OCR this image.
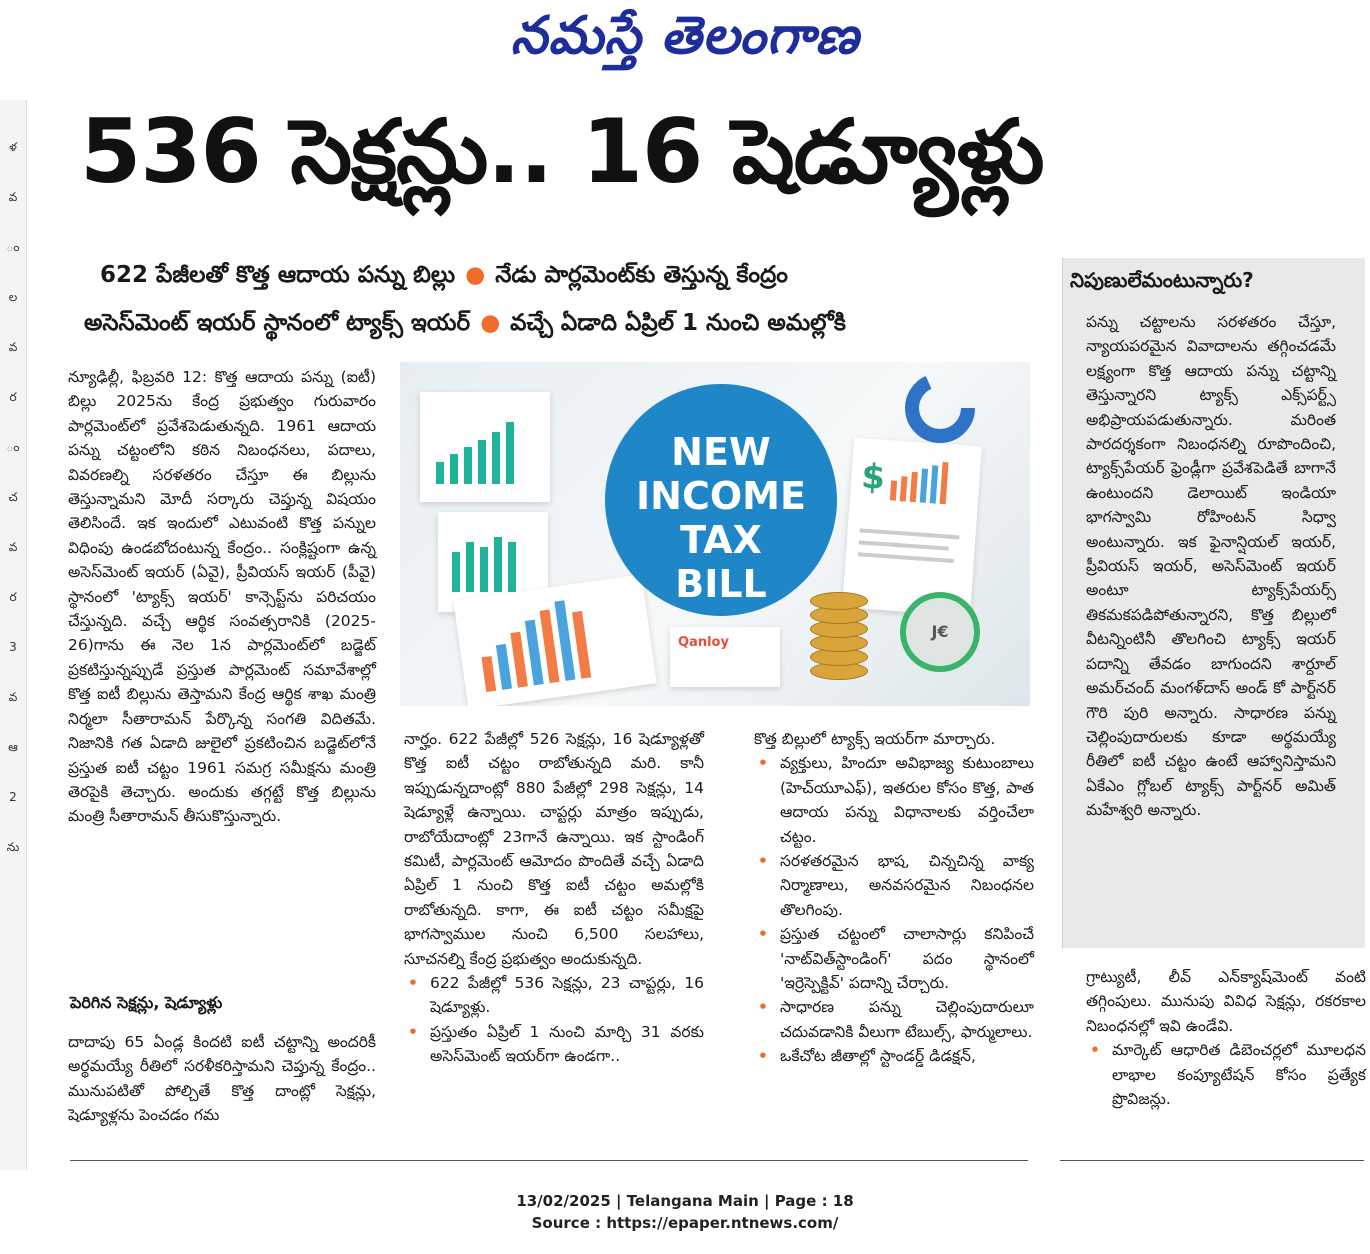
నమస్తే తెలంగాణ
ళ
వ
ం
ల
వ
ర
ం
చ
వ
ర
3
వ
ఆ
2
ను
536 సెక్షన్లు.. 16 షెడ్యూళ్లు
622 పేజీలతో కొత్త ఆదాయ పన్ను బిల్లు ● నేడు పార్లమెంట్‌కు తెస్తున్న కేంద్రం
అసెస్‌మెంట్ ఇయర్ స్థానంలో ట్యాక్స్ ఇయర్ ● వచ్చే ఏడాది ఏప్రిల్ 1 నుంచి అమల్లోకి
నిపుణులేమంటున్నారు?
పన్ను చట్టాలను సరళతరం చేస్తూ, న్యాయపరమైన వివాదాలను తగ్గించడమే లక్ష్యంగా కొత్త ఆదాయ పన్ను చట్టాన్ని తెస్తున్నారని ట్యాక్స్ ఎక్స్‌పర్ట్స్ అభిప్రాయపడుతున్నారు. మరింత పారదర్శకంగా నిబంధనల్ని రూపొందించి, ట్యాక్స్‌పేయర్ ఫ్రెండ్లీగా ప్రవేశపెడితే బాగానే ఉంటుందని డెలాయిట్ ఇండియా భాగస్వామి రోహింటన్ సిధ్వా అంటున్నారు. ఇక ఫైనాన్షియల్ ఇయర్, ప్రీవియస్ ఇయర్, అసెస్‌మెంట్ ఇయర్ అంటూ ట్యాక్స్‌పేయర్స్ తికమకపడిపోతున్నారని, కొత్త బిల్లులో వీటన్నింటినీ తొలగించి ట్యాక్స్ ఇయర్ పదాన్ని తేవడం బాగుందని శార్దూల్ అమర్‌చంద్ మంగళ్‌దాస్ అండ్ కో పార్ట్‌నర్ గౌరి పురి అన్నారు. సాధారణ పన్ను చెల్లింపుదారులకు కూడా అర్థమయ్యే రీతిలో ఐటీ చట్టం ఉంటే ఆహ్వానిస్తామని ఏకేఎం గ్లోబల్ ట్యాక్స్ పార్ట్‌నర్ అమిత్ మహేశ్వరి అన్నారు.
న్యూఢిల్లీ, ఫిబ్రవరి 12: కొత్త ఆదాయ పన్ను (ఐటీ) బిల్లు 2025ను కేంద్ర ప్రభుత్వం గురువారం పార్లమెంట్‌లో ప్రవేశపెడుతున్నది. 1961 ఆదాయ పన్ను చట్టంలోని కఠిన నిబంధనలు, పదాలు, వివరణల్ని సరళతరం చేస్తూ ఈ బిల్లును తెస్తున్నామని మోదీ సర్కారు చెప్తున్న విషయం తెలిసిందే. ఇక ఇందులో ఎటువంటి కొత్త పన్నుల విధింపు ఉండబోదంటున్న కేంద్రం.. సంక్లిష్టంగా ఉన్న అసెస్‌మెంట్ ఇయర్ (ఏవై), ప్రీవియస్ ఇయర్ (పీవై) స్థానంలో 'ట్యాక్స్ ఇయర్' కాన్సెప్ట్‌ను పరిచయం చేస్తున్నది. వచ్చే ఆర్థిక సంవత్సరానికి (2025-26)గాను ఈ నెల 1న పార్లమెంట్‌లో బడ్జెట్ ప్రకటిస్తున్నప్పుడే ప్రస్తుత పార్లమెంట్ సమావేశాల్లో కొత్త ఐటీ బిల్లును తెస్తామని కేంద్ర ఆర్థిక శాఖ మంత్రి నిర్మలా సీతారామన్ పేర్కొన్న సంగతి విదితమే. నిజానికి గత ఏడాది జులైలో ప్రకటించిన బడ్జెట్‌లోనే ప్రస్తుత ఐటీ చట్టం 1961 సమగ్ర సమీక్షను మంత్రి తెరపైకి తెచ్చారు. అందుకు తగ్గట్టే కొత్త బిల్లును మంత్రి సీతారామన్ తీసుకొస్తున్నారు.
పెరిగిన సెక్షన్లు, షెడ్యూళ్లు
దాదాపు 65 ఏండ్ల కిందటి ఐటీ చట్టాన్ని అందరికీ అర్థమయ్యే రీతిలో సరళీకరిస్తామని చెప్తున్న కేంద్రం.. మునుపటితో పోల్చితే కొత్త దాంట్లో సెక్షన్లు, షెడ్యూళ్లను పెంచడం గమ
NEW
INCOME
TAX
BILL
Qanloy
$
J€
నార్హం. 622 పేజీల్లో 526 సెక్షన్లు, 16 షెడ్యూళ్లతో కొత్త ఐటీ చట్టం రాబోతున్నది మరి. కానీ ఇప్పుడున్నదాంట్లో 880 పేజీల్లో 298 సెక్షన్లు, 14 షెడ్యూళ్లే ఉన్నాయి. చాప్టర్లు మాత్రం ఇప్పుడు, రాబోయేదాంట్లో 23గానే ఉన్నాయి. ఇక స్టాండింగ్ కమిటీ, పార్లమెంట్ ఆమోదం పొందితే వచ్చే ఏడాది ఏప్రిల్ 1 నుంచి కొత్త ఐటీ చట్టం అమల్లోకి రాబోతున్నది. కాగా, ఈ ఐటీ చట్టం సమీక్షపై భాగస్వాముల నుంచి 6,500 సలహాలు, సూచనల్ని కేంద్ర ప్రభుత్వం అందుకున్నది.
• 622 పేజీల్లో 536 సెక్షన్లు, 23 చాప్టర్లు, 16 షెడ్యూళ్లు.
• ప్రస్తుతం ఏప్రిల్ 1 నుంచి మార్చి 31 వరకు అసెస్‌మెంట్ ఇయర్‌గా ఉండగా..
కొత్త బిల్లులో ట్యాక్స్ ఇయర్‌గా మార్చారు.
• వ్యక్తులు, హిందూ అవిభాజ్య కుటుంబాలు (హెచ్‌యూఎఫ్), ఇతరుల కోసం కొత్త, పాత ఆదాయ పన్ను విధానాలకు వర్తించేలా చట్టం.
• సరళతరమైన భాష, చిన్నచిన్న వాక్య నిర్మాణాలు, అనవసరమైన నిబంధనల తొలగింపు.
• ప్రస్తుత చట్టంలో చాలాసార్లు కనిపించే 'నాట్‌విత్‌స్టాండింగ్' పదం స్థానంలో 'ఇర్రెస్పెక్టివ్' పదాన్ని చేర్చారు.
• సాధారణ పన్ను చెల్లింపుదారులూ చదువడానికి వీలుగా టేబుల్స్, ఫార్ములాలు.
• ఒకేచోట జీతాల్లో స్టాండర్డ్ డిడక్షన్,
గ్రాట్యుటీ, లీవ్ ఎన్‌క్యాష్‌మెంట్ వంటి తగ్గింపులు. మునుపు వివిధ సెక్షన్లు, రకరకాల నిబంధనల్లో ఇవి ఉండేవి.
• మార్కెట్ ఆధారిత డిబెంచర్లలో మూలధన లాభాల కంప్యూటేషన్ కోసం ప్రత్యేక ప్రొవిజన్లు.
13/02/2025 | Telangana Main | Page : 18
Source : https://epaper.ntnews.com/
